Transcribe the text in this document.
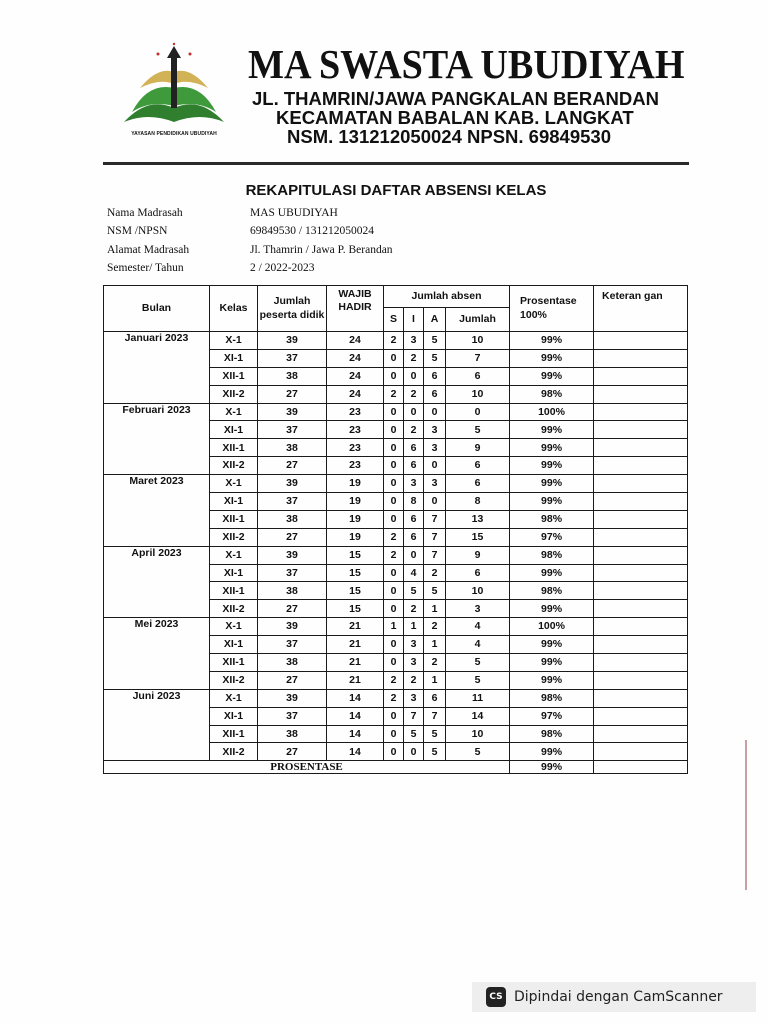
YAYASAN PENDIDIKAN UBUDIYAH
MA SWASTA UBUDIYAH
JL. THAMRIN/JAWA PANGKALAN BERANDAN
KECAMATAN BABALAN KAB. LANGKAT
NSM. 131212050024 NPSN. 69849530
REKAPITULASI DAFTAR ABSENSI KELAS
Nama Madrasah	MAS UBUDIYAH
NSM /NPSN	69849530 / 131212050024
Alamat Madrasah	Jl. Thamrin / Jawa P. Berandan
Semester/ Tahun	2 / 2022-2023
Bulan	Kelas	Jumlah peserta didik	WAJIB HADIR	Jumlah absen				Prosentase 100%	Keteran gan
				S	I	A	Jumlah		
Januari 2023	X-1	39	24	2	3	5	10	99%	
	XI-1	37	24	0	2	5	7	99%	
	XII-1	38	24	0	0	6	6	99%	
	XII-2	27	24	2	2	6	10	98%	
Februari 2023	X-1	39	23	0	0	0	0	100%	
	XI-1	37	23	0	2	3	5	99%	
	XII-1	38	23	0	6	3	9	99%	
	XII-2	27	23	0	6	0	6	99%	
Maret 2023	X-1	39	19	0	3	3	6	99%	
	XI-1	37	19	0	8	0	8	99%	
	XII-1	38	19	0	6	7	13	98%	
	XII-2	27	19	2	6	7	15	97%	
April 2023	X-1	39	15	2	0	7	9	98%	
	XI-1	37	15	0	4	2	6	99%	
	XII-1	38	15	0	5	5	10	98%	
	XII-2	27	15	0	2	1	3	99%	
Mei 2023	X-1	39	21	1	1	2	4	100%	
	XI-1	37	21	0	3	1	4	99%	
	XII-1	38	21	0	3	2	5	99%	
	XII-2	27	21	2	2	1	5	99%	
Juni 2023	X-1	39	14	2	3	6	11	98%	
	XI-1	37	14	0	7	7	14	97%	
	XII-1	38	14	0	5	5	10	98%	
	XII-2	27	14	0	0	5	5	99%	
PROSENTASE								99%	
CS Dipindai dengan CamScanner
